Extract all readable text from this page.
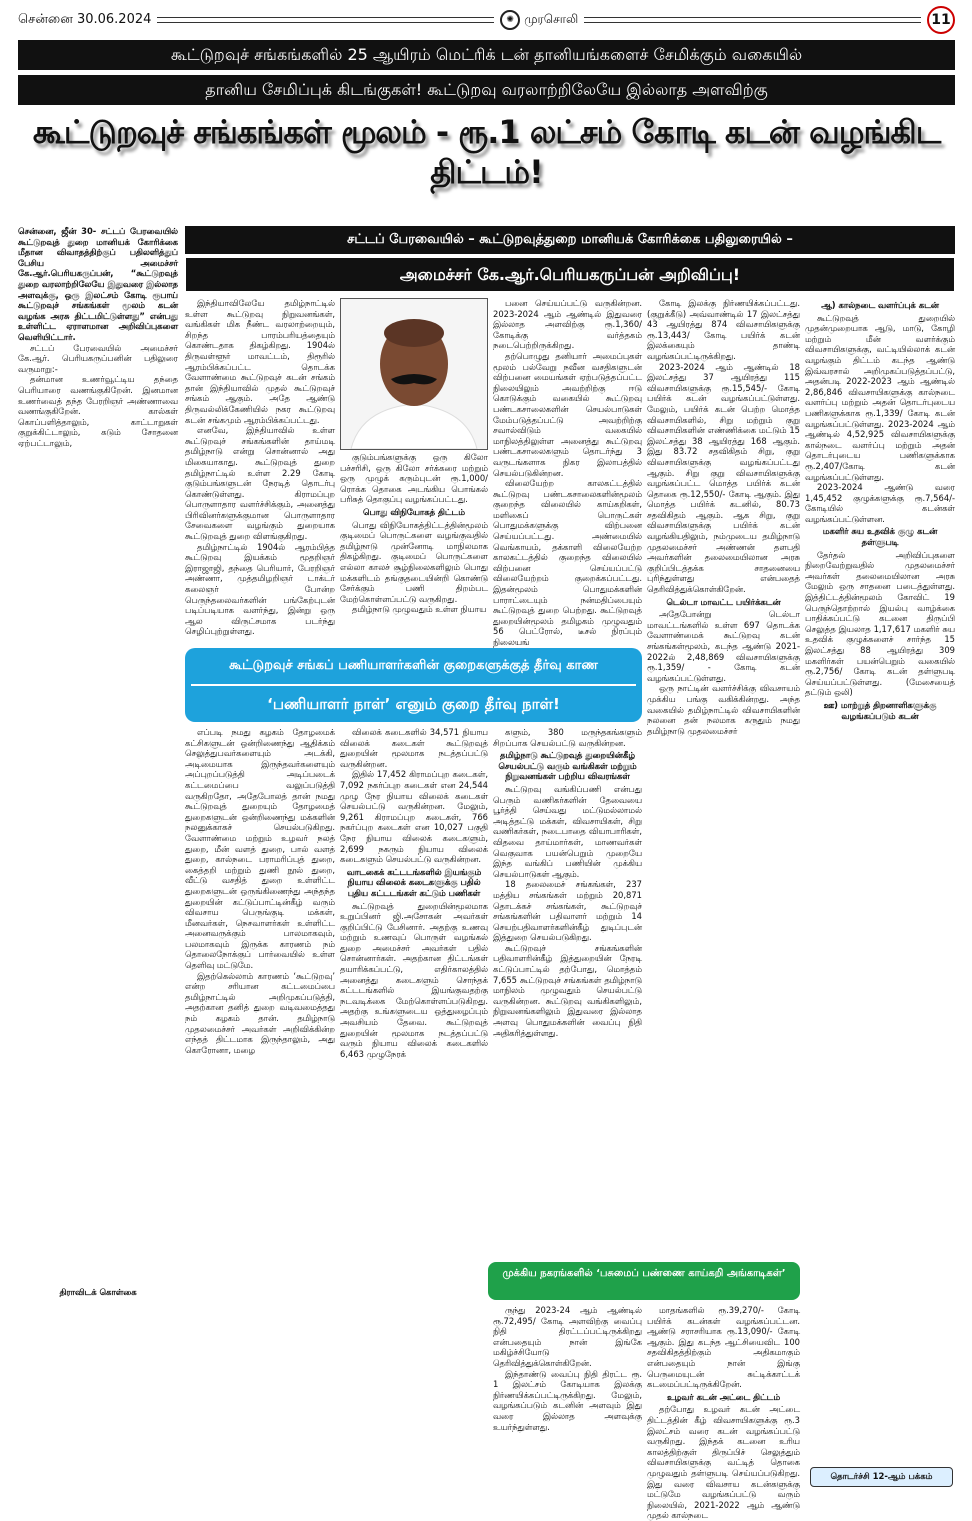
சென்னை 30.06.2024	✺ முரசொலி	11
கூட்டுறவுச் சங்கங்களில் 25 ஆயிரம் மெட்ரிக் டன் தானியங்களைச் சேமிக்கும் வகையில்
தானிய சேமிப்புக் கிடங்குகள்! கூட்டுறவு வரலாற்றிலேயே இல்லாத அளவிற்கு
கூட்டுறவுச் சங்கங்கள் மூலம் - ரூ.1 லட்சம் கோடி கடன் வழங்கிட திட்டம்!
சட்டப் பேரவையில் – கூட்டுறவுத்துறை மானியக் கோரிக்கை பதிலுரையில் –
அமைச்சர் கே.ஆர்.பெரியகருப்பன் அறிவிப்பு!

சென்னை, ஜீன் 30- சட்டப் பேரவையில் கூட்டுறவுத் துறை மானியக் கோரிக்கை மீதான விவாதத்திற்குப் பதிலளித்துப் பேசிய அமைச்சர் கே.ஆர்.பெரியகருப்பன், “கூட்டுறவுத் துறை வரலாற்றிலேயே இதுவரை இல்லாத அளவுக்கு, ஒரு இலட்சம் கோடி ரூபாய் கூட்டுறவுச் சங்கங்கள் மூலம் கடன் வழங்க அரசு திட்டமிட்டுள்ளது” என்பது உள்ளிட்ட ஏராளமான அறிவிப்புகளை வெளியிட்டார்.

சட்டப் பேரவையில் அமைச்சர் கே.ஆர். பெரியகருப்பனின் பதிலுரை வருமாறு:-

தன்மான உணர்வூட்டிய தந்தை பெரியாரை வணங்குகிறேன். இனமான உணர்வைத் தந்த பேரறிஞர் அண்ணாவை வணங்குகிறேன். கால்கள் கொப்பளித்தாலும், காட்டாறுகள் குறுக்கிட்டாலும், கடும் சோதனை ஏற்பட்டாலும்,

திராவிடக் கொள்கை

இந்தியாவிலேயே தமிழ்நாட்டில் உள்ள கூட்டுறவு நிறுவனங்கள், வங்கிகள் மிக நீண்ட வரலாற்றையும், சிறந்த பாரம்பரியத்தையும் கொண்டதாக திகழ்கிறது. 1904ல் திருவள்ளூர் மாவட்டம், திரூரில் ஆரம்பிக்கப்பட்ட தொடக்க வேளாண்மை கூட்டுறவுச் கடன் சங்கம் தான் இந்தியாவில் முதல் கூட்டுறவுச் சங்கம் ஆகும். அதே ஆண்டு திருவல்லிக்கேணியில் நகர கூட்டுறவு கடன் சங்கமும் ஆரம்பிக்கப்பட்டது.

எனவே, இந்தியாவில் உள்ள கூட்டுறவுச் சங்கங்களின் தாய்மடி தமிழ்நாடு என்று சொன்னால் அது மிகையாகாது. கூட்டுறவுத் துறை தமிழ்நாட்டில் உள்ள 2.29 கோடி குடும்பங்களுடன் நேரடித் தொடர்பு கொண்டுள்ளது. கிராமப்புற பொருளாதார வளர்ச்சிக்கும், அனைத்து பிரிவினர்களுக்குமான பொருளாதார சேவைகளை வழங்கும் துறையாக கூட்டுறவுத் துறை விளங்குகிறது.

தமிழ்நாட்டில் 1904ல் ஆரம்பித்த கூட்டுறவு இயக்கம் மூதறிஞர் இராஜாஜி, தந்தை பெரியார், பேரறிஞர் அண்ணா, முத்தமிழறிஞர் டாக்டர் கலைஞர் போன்ற பெருந்தலைவர்களின் பங்கேற்புடன் படிப்படியாக வளர்ந்து, இன்று ஒரு ஆல விருட்சமாக படர்ந்து செழிப்புற்றுள்ளது.

குடும்பங்களுக்கு ஒரு கிலோ பச்சரிசி, ஒரு கிலோ சர்க்கரை மற்றும் ஒரு முழுக் கரும்புடன் ரூ.1,000/ ரொக்க தொகை அடங்கிய பொங்கல் பரிசுத் தொகுப்பு வழங்கப்பட்டது.

பொது விநியோகத் திட்டம்

பொது விநியோகத்திட்டத்தின்மூலம் குடிமைப் பொருட்களை வழங்குவதில் தமிழ்நாடு முன்னோடி மாநிலமாக திகழ்கிறது. குடிமைப் பொருட்களை எல்லா காலச் சூழ்நிலைகளிலும் பொது மக்களிடம் தங்குதடையின்றி கொண்டு சேர்க்கும் பணி திறம்பட மேற்கொள்ளப்பட்டு வருகிறது.

தமிழ்நாடு முழுவதும் உள்ள நியாய

பனை செய்யப்பட்டு வருகின்றன. 2023-2024 ஆம் ஆண்டில் இதுவரை இல்லாத அளவிற்கு ரூ.1,360/கோடிக்கு வர்த்தகம் நடைபெற்றிருக்கிறது.

தற்பொழுது தனியார் அமைப்புகள் மூலம் பல்வேறு நவீன வசதிகளுடன் விற்பனை மையங்கள் ஏற்படுத்தப்பட்ட நிலையிலும் அவற்றிற்கு ஈடு கொடுக்கும் வகையில் கூட்டுறவு பண்டகசாலைகளின் செயல்பாடுகள் மேம்படுத்தப்பட்டு அவற்றிற்கு சவால்விடும் வகையில் மாநிலத்திலுள்ள அனைத்து கூட்டுறவு பண்டகசாலைகளும் தொடர்ந்து 3 வருடங்களாக நிகர இலாபத்தில் செயல்படுகின்றன.

விலையேற்ற காலகட்டத்தில் கூட்டுறவு பண்டகசாலைகளின்மூலம் குறைந்த விலையில் காய்கறிகள், மளிகைப் பொருட்கள் பொதுமக்களுக்கு விற்பனை செய்யப்பட்டது. அண்மையில் வெங்காயம், தக்காளி விலையேற்ற காலகட்டத்தில் குறைந்த விலையில் விற்பனை செய்யப்பட்டு விலையேற்றம் குறைக்கப்பட்டது. இதன்மூலம் பொதுமக்களின் பாராட்டையும் நன்மதிப்பையும் கூட்டுறவுத் துறை பெற்றது. கூட்டுறவுத் துறையின்மூலம் தமிழகம் முழுவதும் 56 பெட்ரோல், டீசல் நிரப்பும் நிலையங்

கோடி இலக்கு நிர்ணயிக்கப்பட்டது. (குறுக்கீடு) அவ்வாண்டில் 17 இலட்சத்து 43 ஆயிரத்து 874 விவசாயிகளுக்கு ரூ.13,443/ கோடி பயிர்க் கடன் இலக்கையும் தாண்டி வழங்கப்பட்டிருக்கிறது.

2023-2024 ஆம் ஆண்டில் 18 இலட்சத்து 37 ஆயிரத்து 115 விவசாயிகளுக்கு ரூ.15,545/- கோடி பயிர்க் கடன் வழங்கப்பட்டுள்ளது. மேலும், பயிர்க் கடன் பெற்ற மொத்த விவசாயிகளில், சிறு மற்றும் குறு விவசாயிகளின் எண்ணிக்கை மட்டும் 15 இலட்சத்து 38 ஆயிரத்து 168 ஆகும். இது 83.72 சதவிகிதம் சிறு, குறு விவசாயிகளுக்கு வழங்கப்பட்டது ஆகும். சிறு குறு விவசாயிகளுக்கு வழங்கப்பட்ட மொத்த பயிர்க் கடன் தொகை ரூ.12,550/- கோடி ஆகும். இது மொத்த பயிர்க் கடனில், 80.73 சதவிகிதம் ஆகும். ஆக சிறு, குறு விவசாயிகளுக்கு பயிர்க் கடன் வழங்கியதிலும், நம்முடைய தமிழ்நாடு முதலமைச்சர் அண்ணன் தளபதி அவர்களின் தலைமையிலான அரசு குறிப்பிடத்தக்க சாதனையை புரிந்துள்ளது என்பதைத் தெரிவித்துக்கொள்கிறேன்.

டெல்டா மாவட்ட பயிர்க்கடன்

அதேபோன்று டெல்டா மாவட்டங்களில் உள்ள 697 தொடக்க வேளாண்மைக் கூட்டுறவு கடன் சங்கங்கள்மூலம், கடந்த ஆண்டு 2021-2022ல் 2,48,869 விவசாயிகளுக்கு ரூ.1,359/ - கோடி கடன் வழங்கப்பட்டுள்ளது.

ஒரு நாட்டின் வளர்ச்சிக்கு விவசாயம் முக்கிய பங்கு வகிக்கின்றது. அந்த வகையில் தமிழ்நாட்டில் விவசாயிகளின் நலனை தன் நலமாக கருதும் நமது தமிழ்நாடு முதலமைச்சர்

ஆ) கால்நடை வளர்ப்புக் கடன்

கூட்டுறவுத் துறையில் முதன்முறையாக ஆடு, மாடு, கோழி மற்றும் மீன் வளர்க்கும் விவசாயிகளுக்கு, வட்டியில்லாக் கடன் வழங்கும் திட்டம் கடந்த ஆண்டு இவ்வரசால் அறிமுகப்படுத்தப்பட்டு, அதன்படி 2022-2023 ஆம் ஆண்டில் 2,86,846 விவசாயிகளுக்கு கால்நடை வளர்ப்பு மற்றும் அதன் தொடர்புடைய பணிகளுக்காக ரூ.1,339/ கோடி கடன் வழங்கப்பட்டுள்ளது. 2023-2024 ஆம் ஆண்டில் 4,52,925 விவசாயிகளுக்கு கால்நடை வளர்ப்பு மற்றும் அதன் தொடர்புடைய பணிகளுக்காக ரூ.2,407/கோடி கடன் வழங்கப்பட்டுள்ளது.

2023-2024 ஆண்டு வரை 1,45,452 குழுக்களுக்கு ரூ.7,564/- கோடியில் கடன்கள் வழங்கப்பட்டுள்ளன.

மகளிர் சுய உதவிக் குழு கடன் தள்ளுபடி

தேர்தல் அறிவிப்புகளை நிறைவேற்றுவதில் முதலமைச்சர் அவர்கள் தலைமையிலான அரசு மேலும் ஒரு சாதனை படைத்துள்ளது. இத்திட்டத்தின்மூலம் கோவிட் 19 பெருந்தொற்றால் இயல்பு வாழ்க்கை பாதிக்கப்பட்டு கடனை திருப்பி செலுத்த இயலாத 1,17,617 மகளிர் சுய உதவிக் குழுக்களைச் சார்ந்த 15 இலட்சத்து 88 ஆயிரத்து 309 மகளிர்கள் பயன்பெறும் வகையில் ரூ.2,756/ கோடி கடன் தள்ளுபடி செய்யப்பட்டுள்ளது. (மேசையைத் தட்டும் ஒலி)

ஊ) மாற்றுத் திறனாளிகளுக்கு வழங்கப்படும் கடன்
கூட்டுறவுச் சங்கப் பணியாளர்களின் குறைகளுக்குத் தீர்வு காண
‘பணியாளர் நாள்’ எனும் குறை தீர்வு நாள்!

எப்படி நமது கழகம் தோழமைக் கட்சிகளுடன் ஒன்றிணைந்து ஆதிக்கம் செலுத்துபவர்களையும் அடக்கி, அடிமையாக இருந்தவர்களையும் அப்புறப்படுத்தி அடிப்படைக் கட்டமைப்பை வலுப்படுத்தி வருகிறதோ, அதேபோலத் தான் நமது கூட்டுறவுத் துறையும் தோழமைத் துறைகளுடன் ஒன்றிணைந்து மக்களின் நலனுக்காகச் செயல்படுகிறது. வேளாண்மை மற்றும் உழவர் நலத் துறை, மீன் வளத் துறை, பால் வளத் துறை, கால்நடை பராமரிப்புத் துறை, கைத்தறி மற்றும் துணி நூல் துறை, வீட்டு வசதித் துறை உள்ளிட்ட துறைகளுடன் ஒருங்கிணைந்து அந்தந்த துறையின் கட்டுப்பாட்டின்கீழ் வரும் விவசாய பெருங்குடி மக்கள், மீனவர்கள், நெசவாளர்கள் உள்ளிட்ட அனைவருக்கும் பாலமாகவும், பலமாகவும் இருக்க காரணம் நம் தொலைநோக்குப் பார்வையில் உள்ள தெளிவு மட்டுமே.

இதற்கெல்லாம் காரணம் ‘கூட்டுறவு’ என்ற சரியான கட்டமைப்பை தமிழ்நாட்டில் அறிமுகப்படுத்தி, அதற்கான தனித் துறை வடிவமைத்தது நம் கழகம் தான். தமிழ்நாடு முதலமைச்சர் அவர்கள் அறிவிக்கின்ற எந்தத் திட்டமாக இருந்தாலும், அது கொரோனா, மழை

விலைக் கடைகளில் 34,571 நியாய விலைக் கடைகள் கூட்டுறவுத் துறையின் மூலமாக நடத்தப்பட்டு வருகின்றன.

இதில் 17,452 கிராமப்புற கடைகள், 7,092 நகர்ப்புற கடைகள் என 24,544 முழு நேர நியாய விலைக் கடைகள் செயல்பட்டு வருகின்றன. மேலும், 9,261 கிராமப்புற கடைகள், 766 நகர்ப்புற கடைகள் என 10,027 பகுதி நேர நியாய விலைக் கடைகளும், 2,699 நகரும் நியாய விலைக் கடைகளும் செயல்பட்டு வருகின்றன.

வாடகைக் கட்டடங்களில் இயங்கும் நியாய விலைக் கடைகளுக்கு பதில் புதிய கட்டடங்கள் கட்டும் பணிகள்

கூட்டுறவுத் துறையின்மூலமாக உறுப்பினர் ஜி.அசோகன் அவர்கள் குறிப்பிட்டு பேசினார். அதற்கு உணவு மற்றும் உணவுப் பொருள் வழங்கல் துறை அமைச்சர் அவர்கள் பதில் சொன்னார்கள். அதற்கான திட்டங்கள் தயாரிக்கப்பட்டு, எதிர்காலத்தில் அனைத்து கடைகளும் சொந்தக் கட்டடங்களில் இயங்குவதற்கு நடவடிக்கை மேற்கொள்ளப்படுகிறது. அதற்கு உங்களுடைய ஒத்துழைப்பும் அவசியம் தேவை. கூட்டுறவுத் துறையின் மூலமாக நடத்தப்பட்டு வரும் நியாய விலைக் கடைகளில் 6,463 முழுநேரக்

களும், 380 மருந்தகங்களும் சிறப்பாக செயல்பட்டு வருகின்றன.

தமிழ்நாடு கூட்டுறவுத் துறையின்கீழ் செயல்பட்டு வரும் வங்கிகள் மற்றும் நிறுவனங்கள் பற்றிய விவரங்கள்

கூட்டுறவு வங்கிப்பணி என்பது பெரும் வணிகர்களின் தேவையை பூர்த்தி செய்வது மட்டுமல்லாமல் அடித்தட்டு மக்கள், விவசாயிகள், சிறு வணிகர்கள், நடைபாதை வியாபாரிகள், விதவை தாய்மார்கள், மாணவர்கள் வெகுவாக பயன்பெறும் முறையே இந்த வங்கிப் பணியின் முக்கிய செயல்பாடுகள் ஆகும்.

18 தலைமைச் சங்கங்கள், 237 மத்திய சங்கங்கள் மற்றும் 20,871 தொடக்கச் சங்கங்கள், கூட்டுறவுச் சங்கங்களின் பதிவாளர் மற்றும் 14 செயற்பதிவாளர்களின்கீழ் துடிப்புடன் இத்துறை செயல்படுகிறது.

கூட்டுறவுச் சங்கங்களின் பதிவாளரின்கீழ் இத்துறையின் நேரடி கட்டுப்பாட்டில் தற்போது, மொத்தம் 7,655 கூட்டுறவுச் சங்கங்கள் தமிழ்நாடு மாநிலம் முழுவதும் செயல்பட்டு வருகின்றன. கூட்டுறவு வங்கிகளிலும், நிறுவனங்களிலும் இதுவரை இல்லாத அளவு பொதுமக்களின் வைப்பு நிதி அதிகரித்துள்ளது.

முக்கிய நகரங்களில் ‘பசுமைப் பண்ணை காய்கறி அங்காடிகள்’

ருந்து 2023-24 ஆம் ஆண்டில் ரூ.72,495/ கோடி அளவிற்கு வைப்பு நிதி திரட்டப்பட்டிருக்கிறது என்பதையும் நான் இங்கே மகிழ்ச்சியோடு தெரிவித்துக்கொள்கிறேன்.

இந்தாண்டு வைப்பு நிதி திரட்ட ரூ. 1 இலட்சம் கோடியாக இலக்கு நிர்ணயிக்கப்பட்டிருக்கிறது. மேலும், வழங்கப்படும் கடனின் அளவும் இது வரை இல்லாத அளவுக்கு உயர்ந்துள்ளது.

மாதங்களில் ரூ.39,270/- கோடி பயிர்க் கடன்கள் வழங்கப்பட்டன. ஆண்டு சராசரியாக ரூ.13,090/- கோடி ஆகும். இது கடந்த ஆட்சியைவிட 100 சதவிகிதத்திற்கும் அதிகமாகும் என்பதையும் நான் இங்கு பெருமையுடன் சுட்டிக்காட்டக் கடமைப்பட்டிருக்கிறேன்.

உழவர் கடன் அட்டை திட்டம்

தற்போது உழவர் கடன் அட்டை திட்டத்தின் கீழ் விவசாயிகளுக்கு ரூ.3 இலட்சம் வரை கடன் வழங்கப்பட்டு வருகிறது. இந்தக் கடனை உரிய காலத்திற்குள் திருப்பிச் செலுத்தும் விவசாயிகளுக்கு வட்டித் தொகை முழுவதும் தள்ளுபடி செய்யப்படுகிறது. இது வரை விவசாய கடன்களுக்கு மட்டுமே வழங்கப்பட்டு வரும் நிலையில், 2021-2022 ஆம் ஆண்டு முதல் கால்நடை

தொடர்ச்சி 12-ஆம் பக்கம்
